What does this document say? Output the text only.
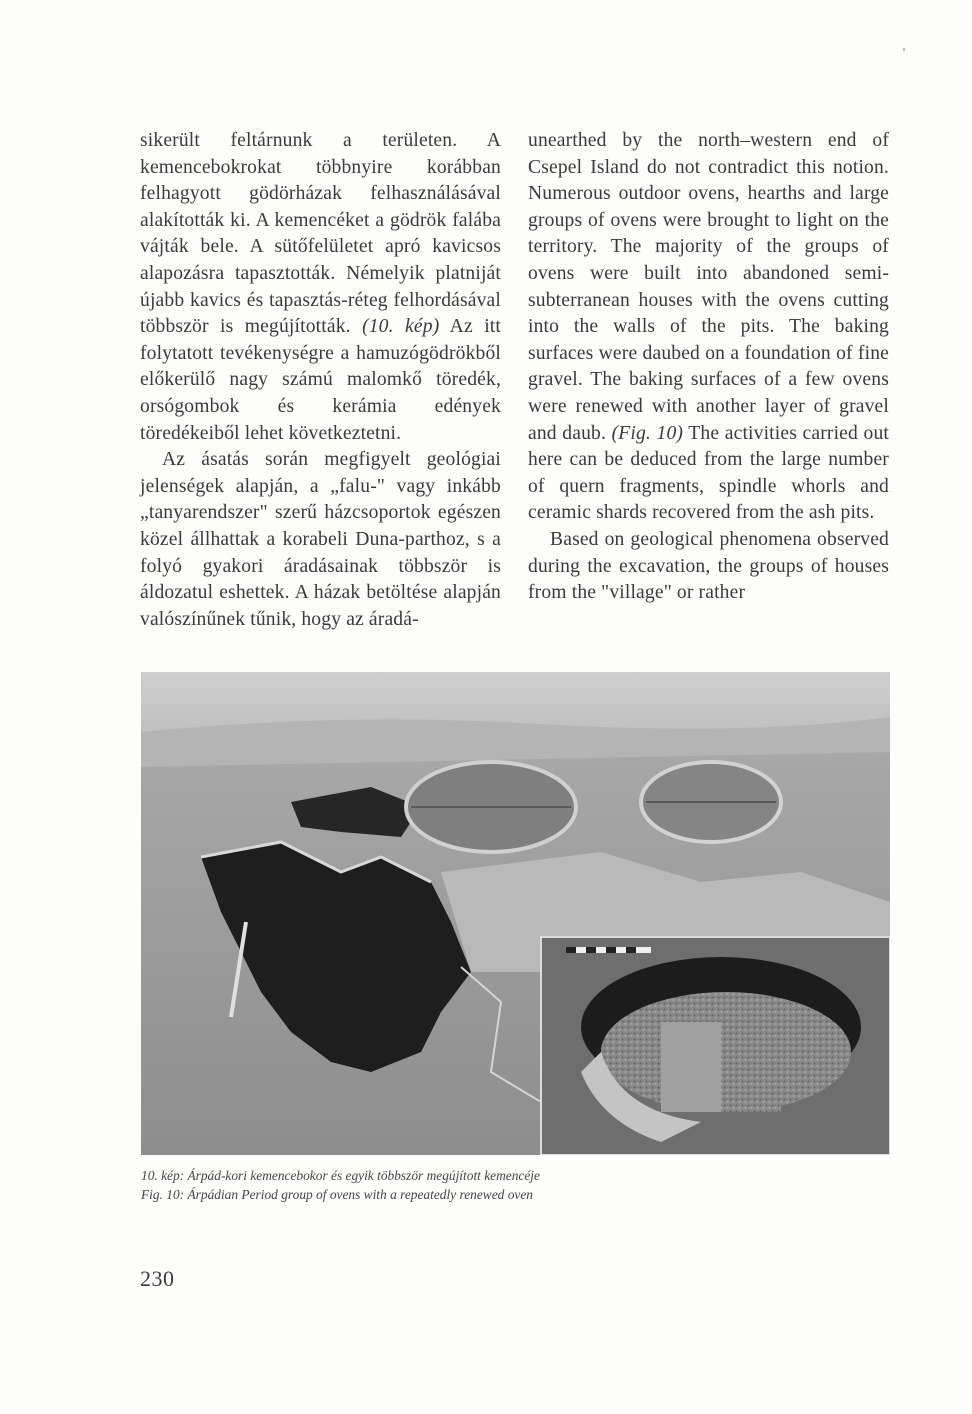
sikerült feltárnunk a területen. A kemencebokrokat többnyire korábban felhagyott gödörházak felhasználásával alakították ki. A kemencéket a gödrök falába vájták bele. A sütőfelületet apró kavicsos alapozásra tapasztották. Némelyik platniját újabb kavics és tapasztás-réteg felhordásával többször is megújították. (10. kép) Az itt folytatott tevékenységre a hamuzógödrökből előkerülő nagy számú malomkő töredék, orsógombok és kerámia edények töredékeiből lehet következtetni.

Az ásatás során megfigyelt geológiai jelenségek alapján, a „falu-" vagy inkább „tanyarendszer" szerű házcsoportok egészen közel állhattak a korabeli Duna-parthoz, s a folyó gyakori áradásainak többször is áldozatul eshettek. A házak betöltése alapján valószínűnek tűnik, hogy az áradá-

unearthed by the north–western end of Csepel Island do not contradict this notion. Numerous outdoor ovens, hearths and large groups of ovens were brought to light on the territory. The majority of the groups of ovens were built into abandoned semi-subterranean houses with the ovens cutting into the walls of the pits. The baking surfaces were daubed on a foundation of fine gravel. The baking surfaces of a few ovens were renewed with another layer of gravel and daub. (Fig. 10) The activities carried out here can be deduced from the large number of quern fragments, spindle whorls and ceramic shards recovered from the ash pits.

Based on geological phenomena observed during the excavation, the groups of houses from the "village" or rather

10. kép: Árpád-kori kemencebokor és egyik többször megújított kemencéje
Fig. 10: Árpádian Period group of ovens with a repeatedly renewed oven
230
